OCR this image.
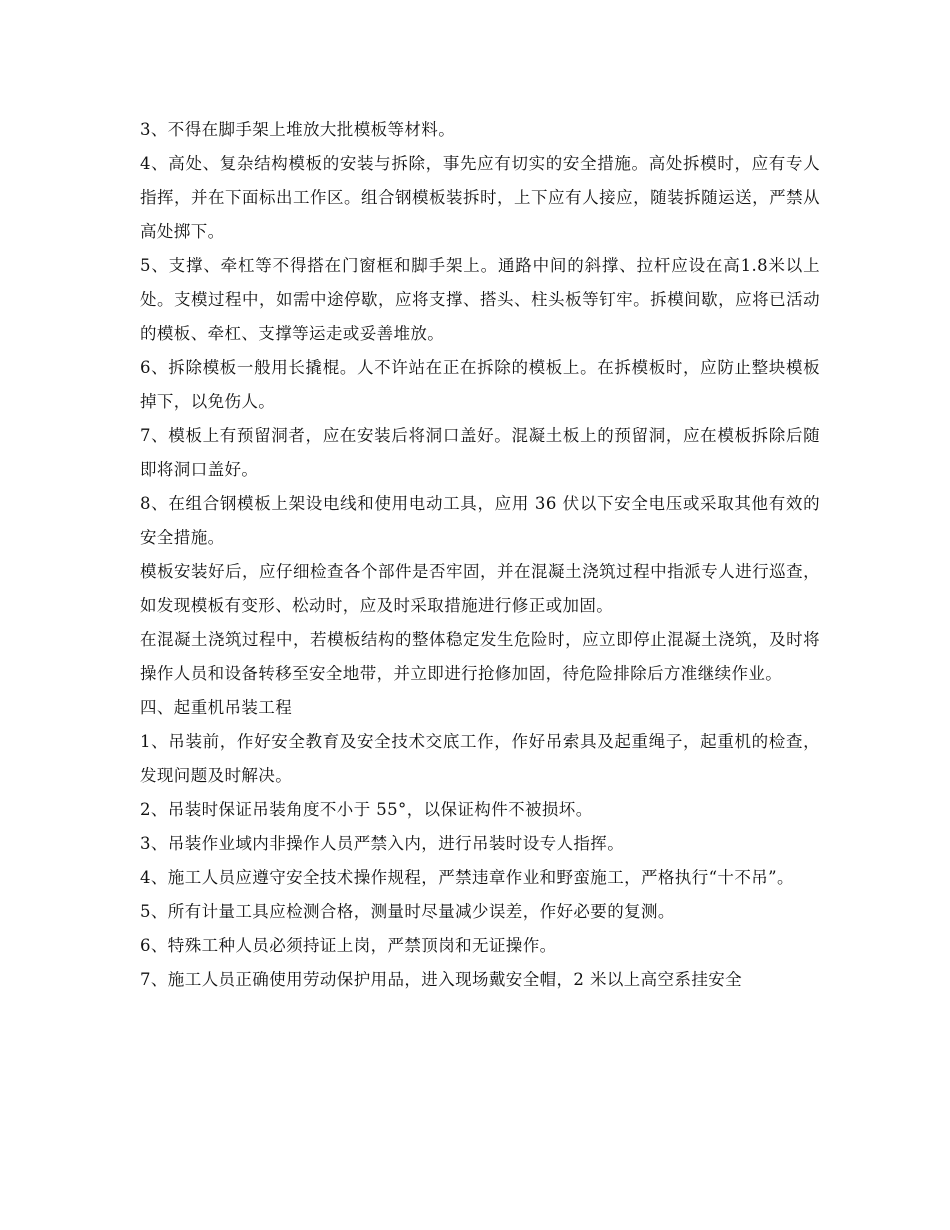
3、不得在脚手架上堆放大批模板等材料。

4、高处、复杂结构模板的安装与拆除，事先应有切实的安全措施。高处拆模时，应有专人指挥，并在下面标出工作区。组合钢模板装拆时，上下应有人接应，随装拆随运送，严禁从高处掷下。

5、支撑、牵杠等不得搭在门窗框和脚手架上。通路中间的斜撑、拉杆应设在高1.8米以上处。支模过程中，如需中途停歇，应将支撑、搭头、柱头板等钉牢。拆模间歇，应将已活动的模板、牵杠、支撑等运走或妥善堆放。

6、拆除模板一般用长撬棍。人不许站在正在拆除的模板上。在拆模板时，应防止整块模板掉下，以免伤人。

7、模板上有预留洞者，应在安装后将洞口盖好。混凝土板上的预留洞，应在模板拆除后随即将洞口盖好。

8、在组合钢模板上架设电线和使用电动工具，应用 36 伏以下安全电压或采取其他有效的安全措施。

模板安装好后，应仔细检查各个部件是否牢固，并在混凝土浇筑过程中指派专人进行巡查，如发现模板有变形、松动时，应及时采取措施进行修正或加固。

在混凝土浇筑过程中，若模板结构的整体稳定发生危险时，应立即停止混凝土浇筑，及时将操作人员和设备转移至安全地带，并立即进行抢修加固，待危险排除后方准继续作业。

四、起重机吊装工程

1、吊装前，作好安全教育及安全技术交底工作，作好吊索具及起重绳子，起重机的检查，发现问题及时解决。

2、吊装时保证吊装角度不小于 55°，以保证构件不被损坏。

3、吊装作业域内非操作人员严禁入内，进行吊装时设专人指挥。

4、施工人员应遵守安全技术操作规程，严禁违章作业和野蛮施工，严格执行“十不吊”。

5、所有计量工具应检测合格，测量时尽量减少误差，作好必要的复测。

6、特殊工种人员必须持证上岗，严禁顶岗和无证操作。

7、施工人员正确使用劳动保护用品，进入现场戴安全帽，2 米以上高空系挂安全
